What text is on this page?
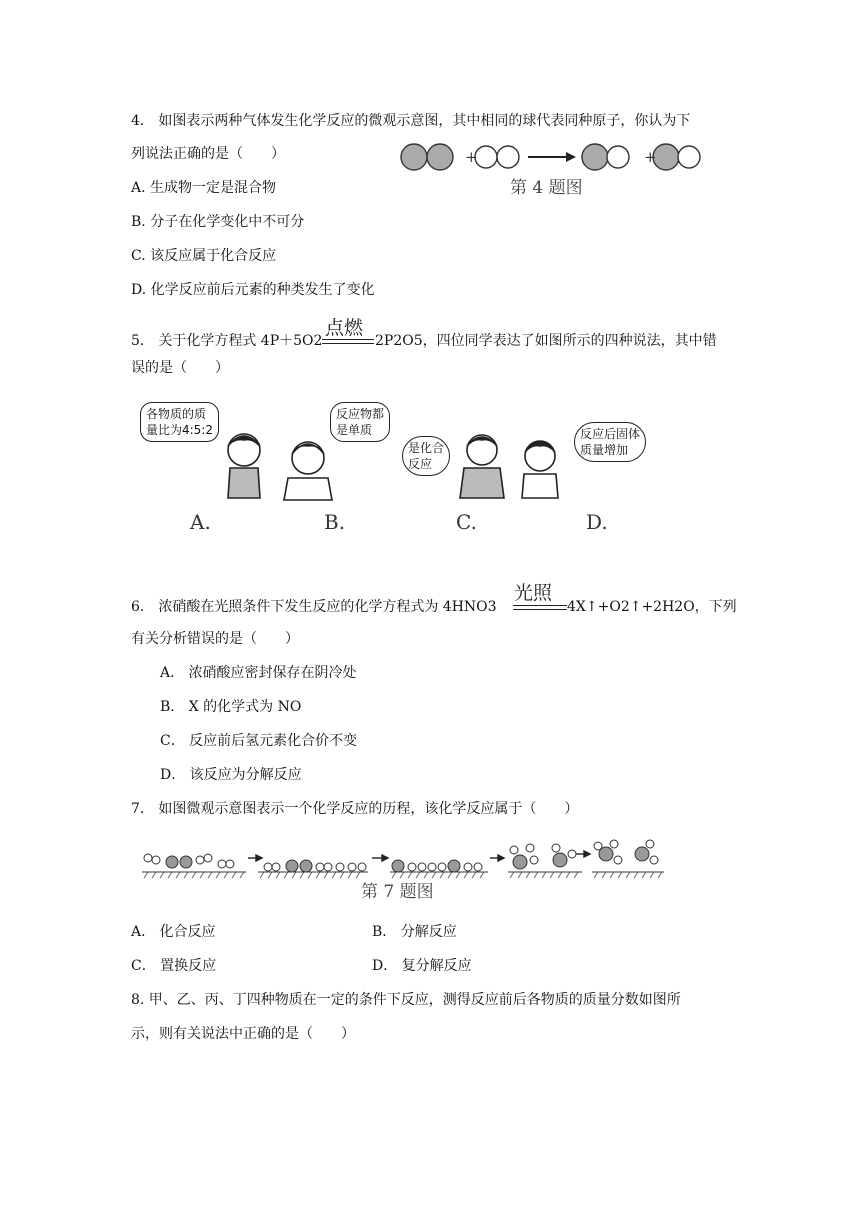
4． 如图表示两种气体发生化学反应的微观示意图，其中相同的球代表同种原子，你认为下
列说法正确的是（　　）	+	+
第 4 题图
A. 生成物一定是混合物
B. 分子在化学变化中不可分
C. 该反应属于化合反应
D. 化学反应前后元素的种类发生了变化
点燃
5． 关于化学方程式 4P＋5O2	2P2O5，四位同学表达了如图所示的四种说法，其中错
误的是（　　）
各物质的质
量比为4:5:2
反应物都
是单质
是化合
反应
反应后固体
质量增加
A.	B.	C.	D.
光照
6． 浓硝酸在光照条件下发生反应的化学方程式为 4HNO3	4X↑+O2↑+2H2O，下列
有关分析错误的是（　　）
A． 浓硝酸应密封保存在阴冷处
B． X 的化学式为 NO
C． 反应前后氢元素化合价不变
D． 该反应为分解反应
7． 如图微观示意图表示一个化学反应的历程，该化学反应属于（　　）
第 7 题图
A． 化合反应	B． 分解反应
C． 置换反应	D． 复分解反应
8. 甲、乙、丙、丁四种物质在一定的条件下反应，测得反应前后各物质的质量分数如图所
示，则有关说法中正确的是（　　）
